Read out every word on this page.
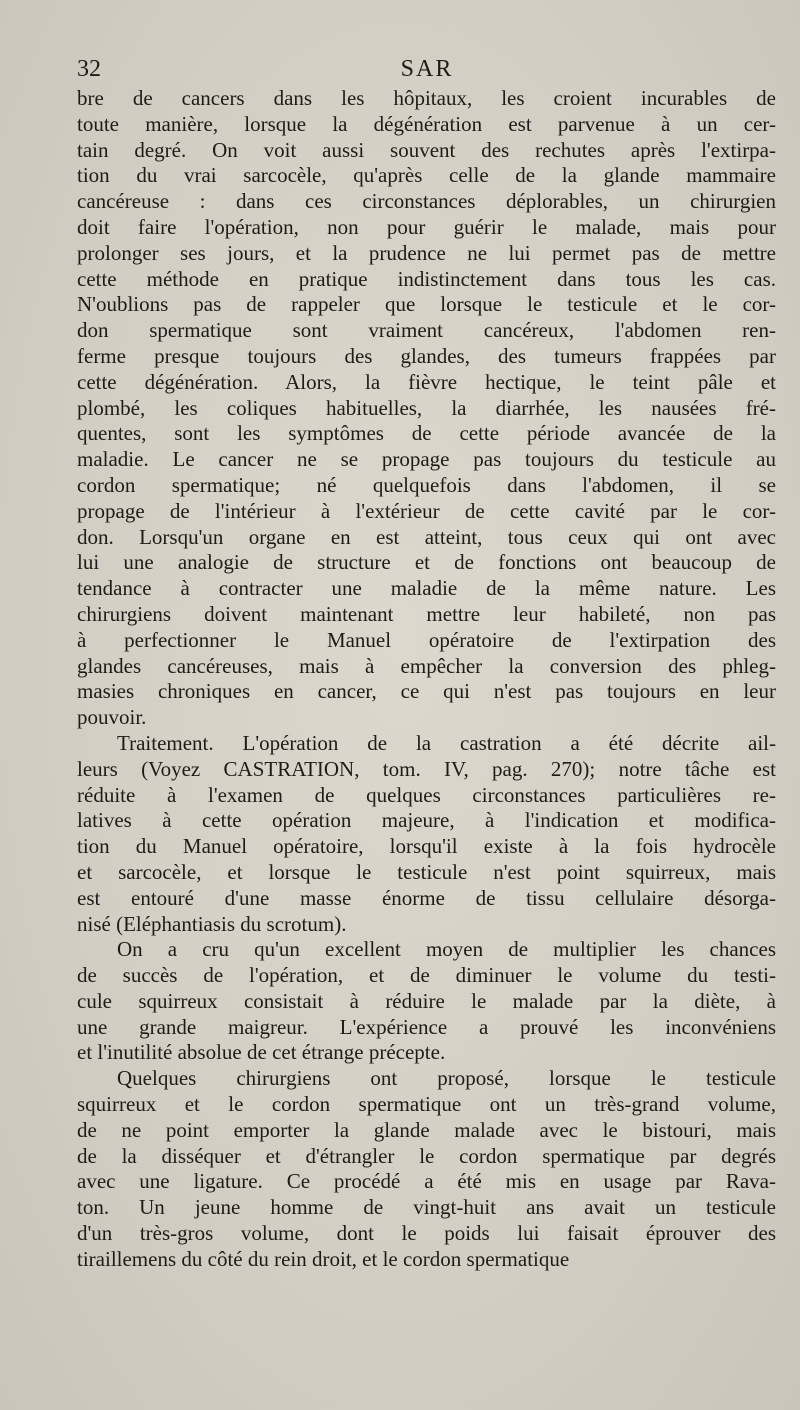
32	SAR
bre de cancers dans les hôpitaux, les croient incurables de
toute manière, lorsque la dégénération est parvenue à un cer-
tain degré. On voit aussi souvent des rechutes après l'extirpa-
tion du vrai sarcocèle, qu'après celle de la glande mammaire
cancéreuse : dans ces circonstances déplorables, un chirurgien
doit faire l'opération, non pour guérir le malade, mais pour
prolonger ses jours, et la prudence ne lui permet pas de mettre
cette méthode en pratique indistinctement dans tous les cas.
N'oublions pas de rappeler que lorsque le testicule et le cor-
don spermatique sont vraiment cancéreux, l'abdomen ren-
ferme presque toujours des glandes, des tumeurs frappées par
cette dégénération. Alors, la fièvre hectique, le teint pâle et
plombé, les coliques habituelles, la diarrhée, les nausées fré-
quentes, sont les symptômes de cette période avancée de la
maladie. Le cancer ne se propage pas toujours du testicule au
cordon spermatique; né quelquefois dans l'abdomen, il se
propage de l'intérieur à l'extérieur de cette cavité par le cor-
don. Lorsqu'un organe en est atteint, tous ceux qui ont avec
lui une analogie de structure et de fonctions ont beaucoup de
tendance à contracter une maladie de la même nature. Les
chirurgiens doivent maintenant mettre leur habileté, non pas
à perfectionner le Manuel opératoire de l'extirpation des
glandes cancéreuses, mais à empêcher la conversion des phleg-
masies chroniques en cancer, ce qui n'est pas toujours en leur
pouvoir.
Traitement. L'opération de la castration a été décrite ail-
leurs (Voyez CASTRATION, tom. IV, pag. 270); notre tâche est
réduite à l'examen de quelques circonstances particulières re-
latives à cette opération majeure, à l'indication et modifica-
tion du Manuel opératoire, lorsqu'il existe à la fois hydrocèle
et sarcocèle, et lorsque le testicule n'est point squirreux, mais
est entouré d'une masse énorme de tissu cellulaire désorga-
nisé (Eléphantiasis du scrotum).
On a cru qu'un excellent moyen de multiplier les chances
de succès de l'opération, et de diminuer le volume du testi-
cule squirreux consistait à réduire le malade par la diète, à
une grande maigreur. L'expérience a prouvé les inconvéniens
et l'inutilité absolue de cet étrange précepte.
Quelques chirurgiens ont proposé, lorsque le testicule
squirreux et le cordon spermatique ont un très-grand volume,
de ne point emporter la glande malade avec le bistouri, mais
de la disséquer et d'étrangler le cordon spermatique par degrés
avec une ligature. Ce procédé a été mis en usage par Rava-
ton. Un jeune homme de vingt-huit ans avait un testicule
d'un très-gros volume, dont le poids lui faisait éprouver des
tiraillemens du côté du rein droit, et le cordon spermatique
